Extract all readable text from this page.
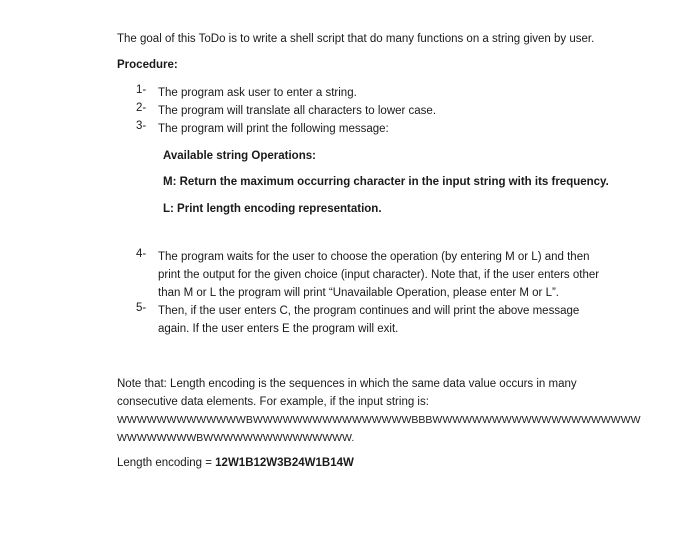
The goal of this ToDo is to write a shell script that do many functions on a string given by user.
Procedure:
1-	The program ask user to enter a string.
2-	The program will translate all characters to lower case.
3-	The program will print the following message:
Available string Operations:
M: Return the maximum occurring character in the input string with its frequency.
L: Print length encoding representation.
4-	The program waits for the user to choose the operation (by entering M or L) and then
print the output for the given choice (input character). Note that, if the user enters other
than M or L the program will print “Unavailable Operation, please enter M or L”.
5-	Then, if the user enters C, the program continues and will print the above message
again. If the user enters E the program will exit.
Note that: Length encoding is the sequences in which the same data value occurs in many
consecutive data elements. For example, if the input string is:
WWWWWWWWWWWWWBWWWWWWWWWWWWWWWWBBBWWWWWWWWWWWWWWWWWWWWW
WWWWWWWWBWWWWWWWWWWWWWWW.
Length encoding = 12W1B12W3B24W1B14W
